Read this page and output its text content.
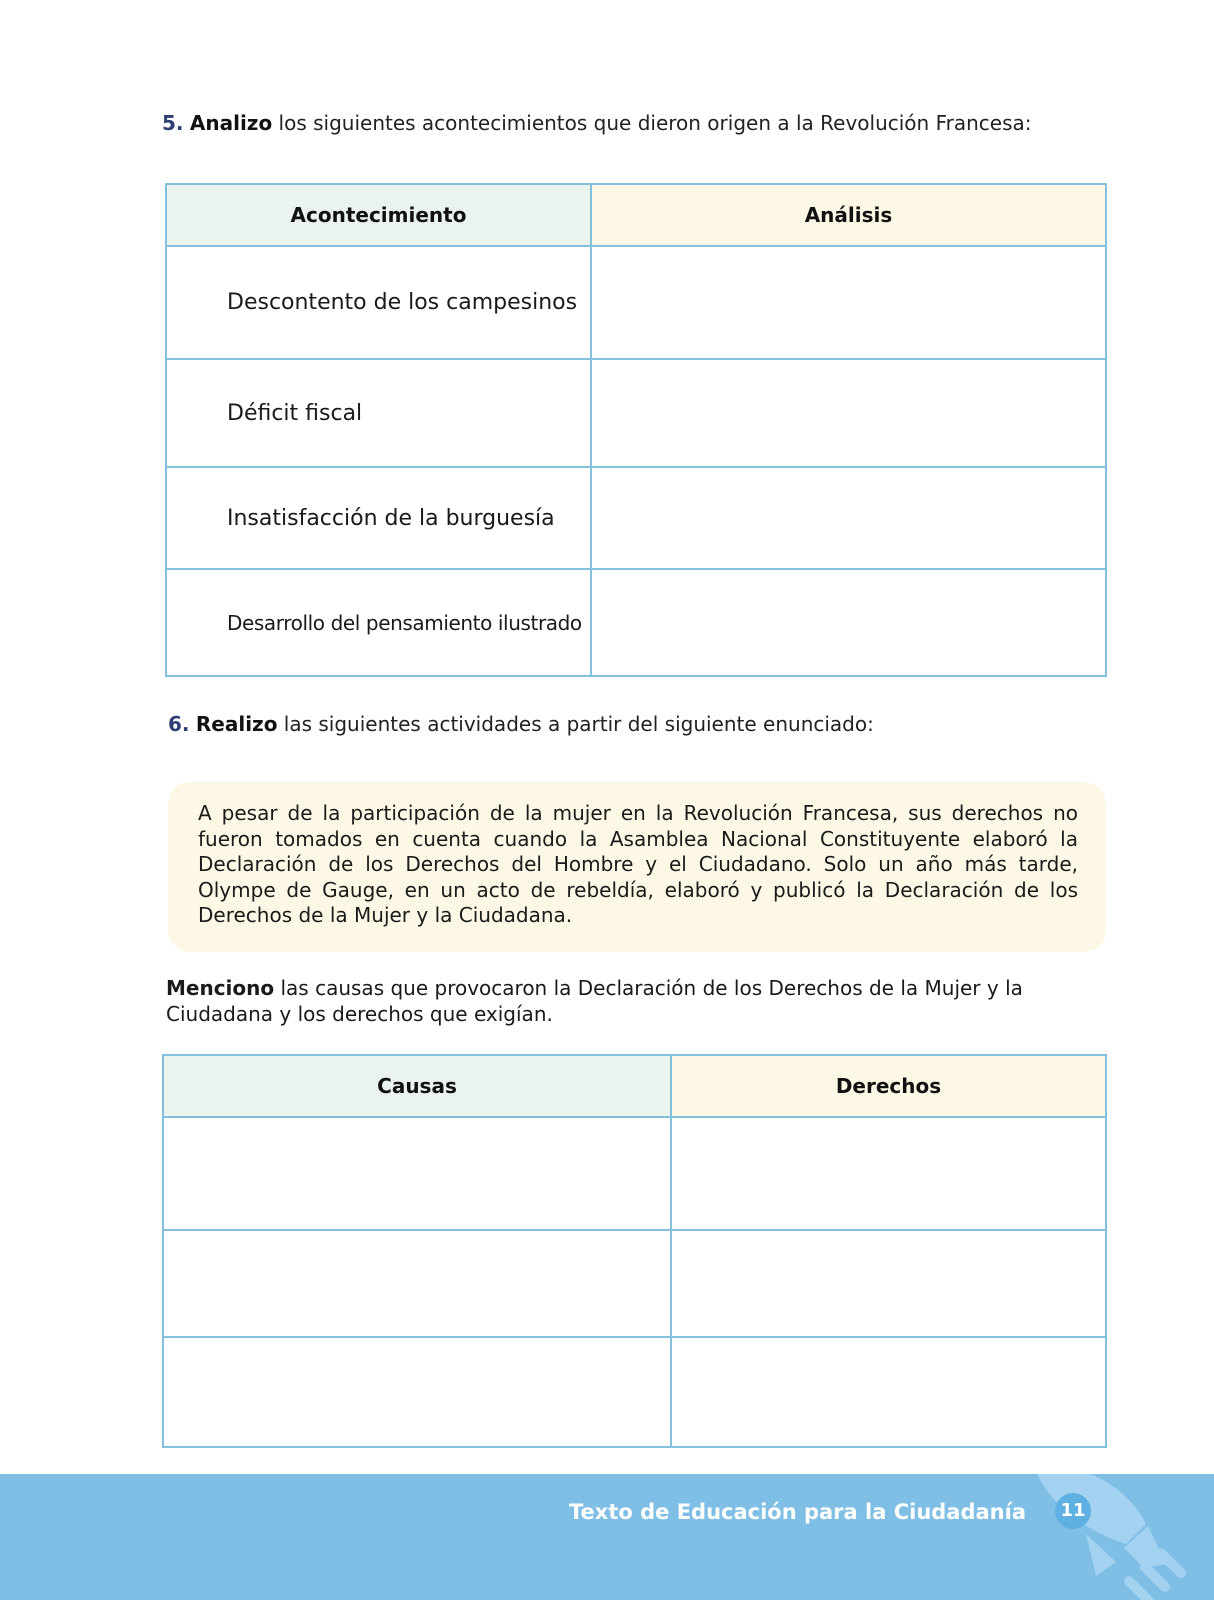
5. Analizo los siguientes acontecimientos que dieron origen a la Revolución Francesa:
Acontecimiento	Análisis
Descontento de los campesinos	
Déficit fiscal	
Insatisfacción de la burguesía	
Desarrollo del pensamiento ilustrado	
6. Realizo las siguientes actividades a partir del siguiente enunciado:
A pesar de la participación de la mujer en la Revolución Francesa, sus derechos no fueron tomados en cuenta cuando la Asamblea Nacional Constituyente elaboró la Declaración de los Derechos del Hombre y el Ciudadano. Solo un año más tarde, Olympe de Gauge, en un acto de rebeldía, elaboró y publicó la Declaración de los Derechos de la Mujer y la Ciudadana.
Menciono las causas que provocaron la Declaración de los Derechos de la Mujer y la Ciudadana y los derechos que exigían.
Causas	Derechos

Texto de Educación para la Ciudadanía	11
